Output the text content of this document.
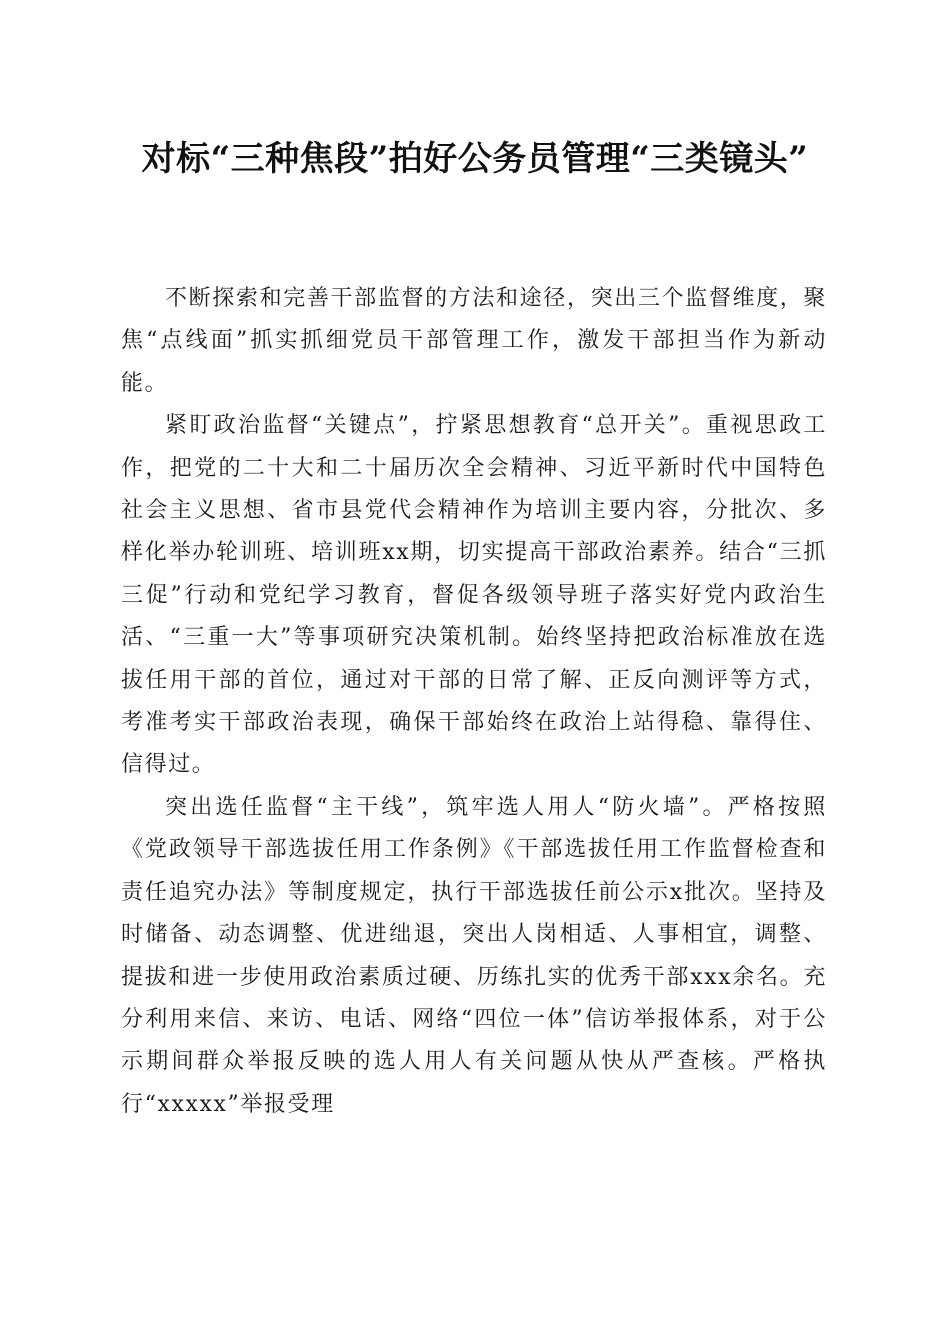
对标“三种焦段”拍好公务员管理“三类镜头”

不断探索和完善干部监督的方法和途径，突出三个监督维度，聚焦“点线面”抓实抓细党员干部管理工作，激发干部担当作为新动能。

紧盯政治监督“关键点”，拧紧思想教育“总开关”。重视思政工作，把党的二十大和二十届历次全会精神、习近平新时代中国特色社会主义思想、省市县党代会精神作为培训主要内容，分批次、多样化举办轮训班、培训班xx期，切实提高干部政治素养。结合“三抓三促”行动和党纪学习教育，督促各级领导班子落实好党内政治生活、“三重一大”等事项研究决策机制。始终坚持把政治标准放在选拔任用干部的首位，通过对干部的日常了解、正反向测评等方式，考准考实干部政治表现，确保干部始终在政治上站得稳、靠得住、信得过。

突出选任监督“主干线”，筑牢选人用人“防火墙”。严格按照《党政领导干部选拔任用工作条例》《干部选拔任用工作监督检查和责任追究办法》等制度规定，执行干部选拔任前公示x批次。坚持及时储备、动态调整、优进绌退，突出人岗相适、人事相宜，调整、提拔和进一步使用政治素质过硬、历练扎实的优秀干部xxx余名。充分利用来信、来访、电话、网络“四位一体”信访举报体系，对于公示期间群众举报反映的选人用人有关问题从快从严查核。严格执行“xxxxx”举报受理
